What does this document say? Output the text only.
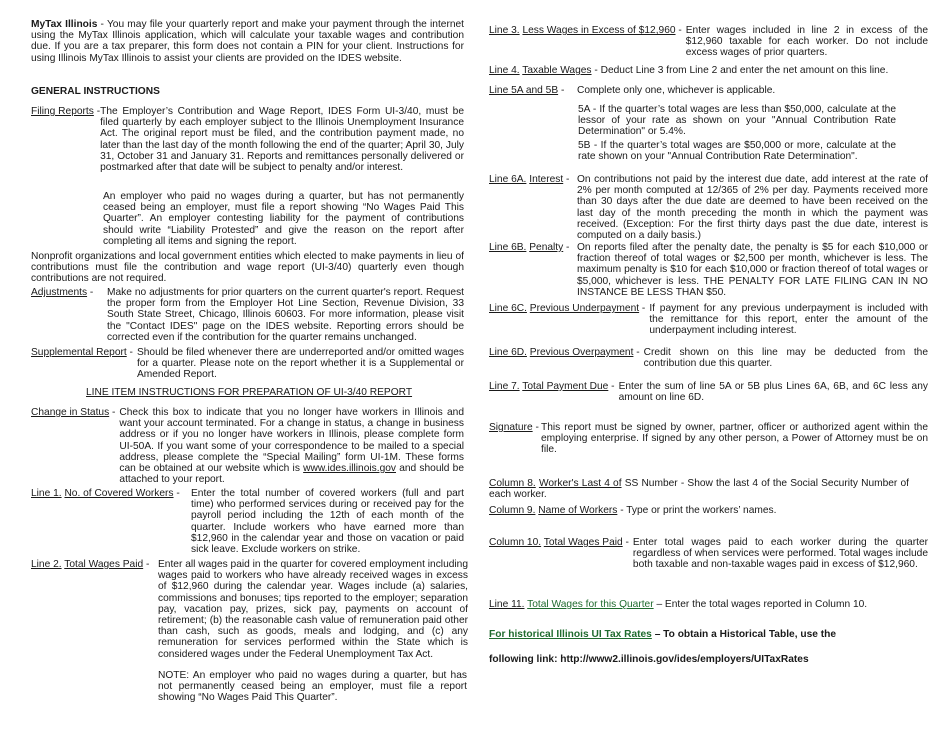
MyTax Illinois - You may file your quarterly report and make your payment through the internet using the MyTax Illinois application, which will calculate your taxable wages and contribution due. If you are a tax preparer, this form does not contain a PIN for your client. Instructions for using Illinois MyTax Illinois to assist your clients are provided on the IDES website.
GENERAL INSTRUCTIONS
Filing Reports - The Employer’s Contribution and Wage Report, IDES Form UI-3/40, must be filed quarterly by each employer subject to the Illinois Unemployment Insurance Act. The original report must be filed, and the contribution payment made, no later than the last day of the month following the end of the quarter; April 30, July 31, October 31 and January 31. Reports and remittances personally delivered or postmarked after that date will be subject to penalty and/or interest.
An employer who paid no wages during a quarter, but has not permanently ceased being an employer, must file a report showing “No Wages Paid This Quarter”. An employer contesting liability for the payment of contributions should write “Liability Protested” and give the reason on the report after completing all items and signing the report.
Nonprofit organizations and local government entities which elected to make payments in lieu of contributions must file the contribution and wage report (UI-3/40) quarterly even though contributions are not required.
Adjustments -	Make no adjustments for prior quarters on the current quarter's report. Request the proper form from the Employer Hot Line Section, Revenue Division, 33 South State Street, Chicago, Illinois 60603. For more information, please visit the "Contact IDES" page on the IDES website. Reporting errors should be corrected even if the contribution for the quarter remains unchanged.
Supplemental Report - Should be filed whenever there are underreported and/or omitted wages for a quarter. Please note on the report whether it is a Supplemental or Amended Report.
LINE ITEM INSTRUCTIONS FOR PREPARATION OF UI-3/40 REPORT
Change in Status - Check this box to indicate that you no longer have workers in Illinois and want your account terminated. For a change in status, a change in business address or if you no longer have workers in Illinois, please complete form UI-50A. If you want some of your correspondence to be mailed to a special address, please complete the “Special Mailing” form UI-1M. These forms can be obtained at our website which is www.ides.illinois.gov and should be attached to your report.
Line 1. No. of Covered Workers -	Enter the total number of covered workers (full and part time) who performed services during or received pay for the payroll period including the 12th of each month of the quarter. Include workers who have earned more than $12,960 in the calendar year and those on vacation or paid sick leave. Exclude workers on strike.
Line 2. Total Wages Paid - Enter all wages paid in the quarter for covered employment including wages paid to workers who have already received wages in excess of $12,960 during the calendar year. Wages include (a) salaries, commissions and bonuses; tips reported to the employer; separation pay, vacation pay, prizes, sick pay, payments on account of retirement; (b) the reasonable cash value of remuneration paid other than cash, such as goods, meals and lodging, and (c) any remuneration for services performed within the State which is considered wages under the Federal Unemployment Tax Act.
NOTE: An employer who paid no wages during a quarter, but has not permanently ceased being an employer, must file a report showing “No Wages Paid This Quarter”.
Line 3. Less Wages in Excess of $12,960 - Enter wages included in line 2 in excess of the $12,960 taxable for each worker. Do not include excess wages of prior quarters.
Line 4. Taxable Wages - Deduct Line 3 from Line 2 and enter the net amount on this line.
Line 5A and 5B -	Complete only one, whichever is applicable.
5A - If the quarter’s total wages are less than $50,000, calculate at the lessor of your rate as shown on your "Annual Contribution Rate Determination" or 5.4%.
5B - If the quarter’s total wages are $50,000 or more, calculate at the rate shown on your "Annual Contribution Rate Determination".
Line 6A. Interest - On contributions not paid by the interest due date, add interest at the rate of 2% per month computed at 12/365 of 2% per day. Payments received more than 30 days after the due date are deemed to have been received on the last day of the month preceding the month in which the payment was received. (Exception: For the first thirty days past the due date, interest is computed on a daily basis.)
Line 6B. Penalty - On reports filed after the penalty date, the penalty is $5 for each $10,000 or fraction thereof of total wages or $2,500 per month, whichever is less. The maximum penalty is $10 for each $10,000 or fraction thereof of total wages or $5,000, whichever is less. THE PENALTY FOR LATE FILING CAN IN NO INSTANCE BE LESS THAN $50.
Line 6C. Previous Underpayment - If payment for any previous underpayment is included with the remittance for this report, enter the amount of the underpayment including interest.
Line 6D. Previous Overpayment - Credit shown on this line may be deducted from the contribution due this quarter.
Line 7. Total Payment Due - Enter the sum of line 5A or 5B plus Lines 6A, 6B, and 6C less any amount on line 6D.
Signature - This report must be signed by owner, partner, officer or authorized agent within the employing enterprise. If signed by any other person, a Power of Attorney must be on file.
Column 8. Worker's Last 4 of SS Number - Show the last 4 of the Social Security Number of each worker.
Column 9. Name of Workers - Type or print the workers’ names.
Column 10. Total Wages Paid - Enter total wages paid to each worker during the quarter regardless of when services were performed. Total wages include both taxable and non-taxable wages paid in excess of $12,960.
Line 11. Total Wages for this Quarter – Enter the total wages reported in Column 10.
For historical Illinois UI Tax Rates – To obtain a Historical Table, use the
following link: http://www2.illinois.gov/ides/employers/UITaxRates
